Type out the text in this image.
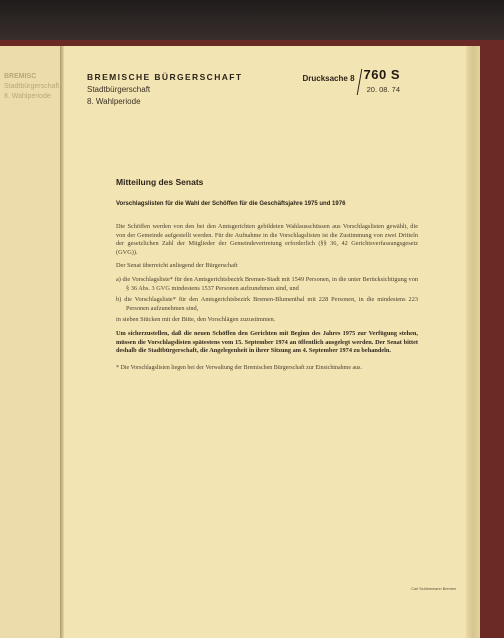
BREMISC
Stadtbürgerschaft
8. Wahlperiode
BREMISCHE BÜRGERSCHAFT
Stadtbürgerschaft
8. Wahlperiode
Drucksache 8 760 S
20. 08. 74
Mitteilung des Senats
Vorschlagslisten für die Wahl der Schöffen für die Geschäftsjahre 1975 und 1976

Die Schöffen werden von den bei den Amtsgerichten gebildeten Wahlausschüssen aus Vorschlagslisten gewählt, die von der Gemeinde aufgestellt werden. Für die Aufnahme in die Vorschlagslisten ist die Zustimmung von zwei Dritteln der gesetzlichen Zahl der Mitglieder der Gemeindevertretung erforderlich (§§ 36, 42 Gerichtsverfassungsgesetz (GVG)).

Der Senat überreicht anliegend der Bürgerschaft

a) die Vorschlagsliste* für den Amtsgerichtsbezirk Bremen-Stadt mit 1549 Personen, in die unter Berücksichtigung von § 36 Abs. 3 GVG mindestens 1537 Personen aufzunehmen sind, und
b) die Vorschlagsliste* für den Amtsgerichtsbezirk Bremen-Blumenthal mit 228 Personen, in die mindestens 223 Personen aufzunehmen sind,

in sieben Stücken mit der Bitte, den Vorschlägen zuzustimmen.

Um sicherzustellen, daß die neuen Schöffen den Gerichten mit Beginn des Jahres 1975 zur Verfügung stehen, müssen die Vorschlagslisten spätestens vom 15. September 1974 an öffentlich ausgelegt werden. Der Senat bittet deshalb die Stadtbürgerschaft, die Angelegenheit in ihrer Sitzung am 4. September 1974 zu behandeln.

* Die Vorschlagslisten liegen bei der Verwaltung der Bremischen Bürgerschaft zur Einsichtnahme aus.
Carl Schünemann Bremen
